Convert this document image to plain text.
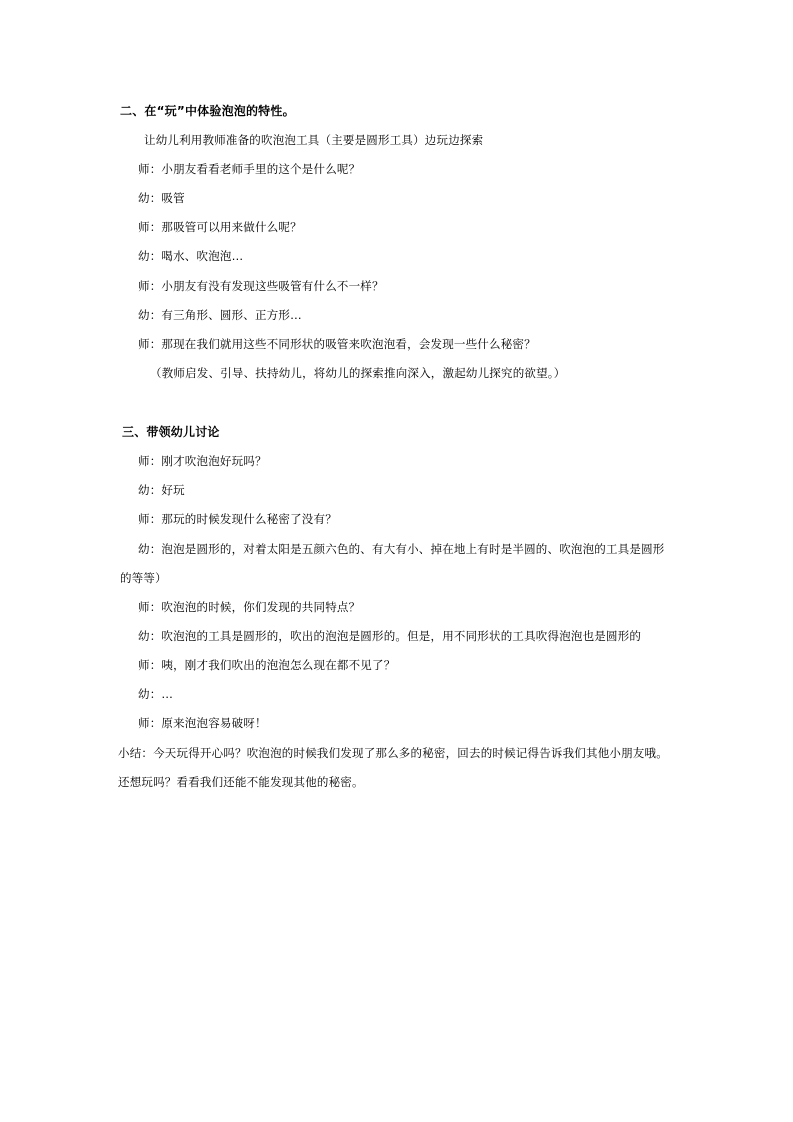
二、在“玩”中体验泡泡的特性。
让幼儿利用教师准备的吹泡泡工具（主要是圆形工具）边玩边探索
师：小朋友看看老师手里的这个是什么呢？
幼：吸管
师：那吸管可以用来做什么呢？
幼：喝水、吹泡泡…
师：小朋友有没有发现这些吸管有什么不一样？
幼：有三角形、圆形、正方形…
师：那现在我们就用这些不同形状的吸管来吹泡泡看，会发现一些什么秘密？
（教师启发、引导、扶持幼儿，将幼儿的探索推向深入，激起幼儿探究的欲望。）
三、带领幼儿讨论
师：刚才吹泡泡好玩吗？
幼：好玩
师：那玩的时候发现什么秘密了没有？
幼：泡泡是圆形的，对着太阳是五颜六色的、有大有小、掉在地上有时是半圆的、吹泡泡的工具是圆形
的等等）
师：吹泡泡的时候，你们发现的共同特点？
幼：吹泡泡的工具是圆形的，吹出的泡泡是圆形的。但是，用不同形状的工具吹得泡泡也是圆形的
师：咦，刚才我们吹出的泡泡怎么现在都不见了？
幼：…
师：原来泡泡容易破呀！
小结：今天玩得开心吗？吹泡泡的时候我们发现了那么多的秘密，回去的时候记得告诉我们其他小朋友哦。
还想玩吗？看看我们还能不能发现其他的秘密。
